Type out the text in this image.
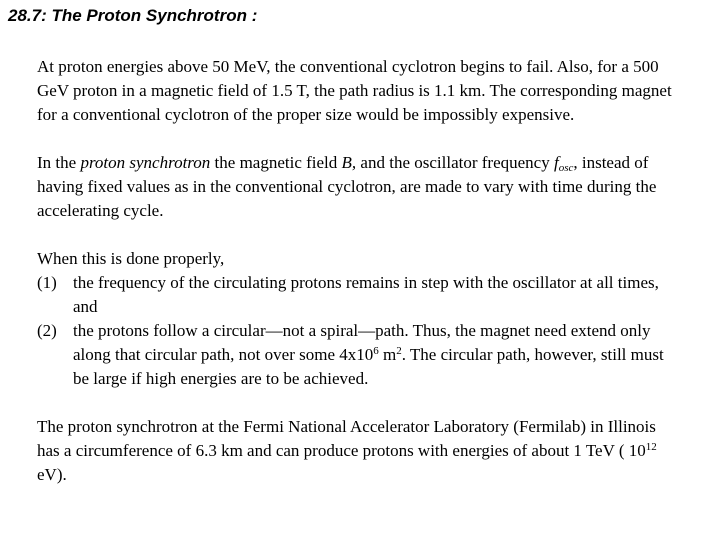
28.7: The Proton Synchrotron :

At proton energies above 50 MeV, the conventional cyclotron begins to fail. Also, for a 500 GeV proton in a magnetic field of 1.5 T, the path radius is 1.1 km. The corresponding magnet for a conventional cyclotron of the proper size would be impossibly expensive.

In the proton synchrotron the magnetic field B, and the oscillator frequency $f_{osc}$, instead of having fixed values as in the conventional cyclotron, are made to vary with time during the accelerating cycle.

When this is done properly,

(1) the frequency of the circulating protons remains in step with the oscillator at all times, and
(2) the protons follow a circular—not a spiral—path. Thus, the magnet need extend only along that circular path, not over some $4x10^6$ $m^2$. The circular path, however, still must be large if high energies are to be achieved.

The proton synchrotron at the Fermi National Accelerator Laboratory (Fermilab) in Illinois has a circumference of 6.3 km and can produce protons with energies of about 1 TeV ( $10^{12}$ eV).
